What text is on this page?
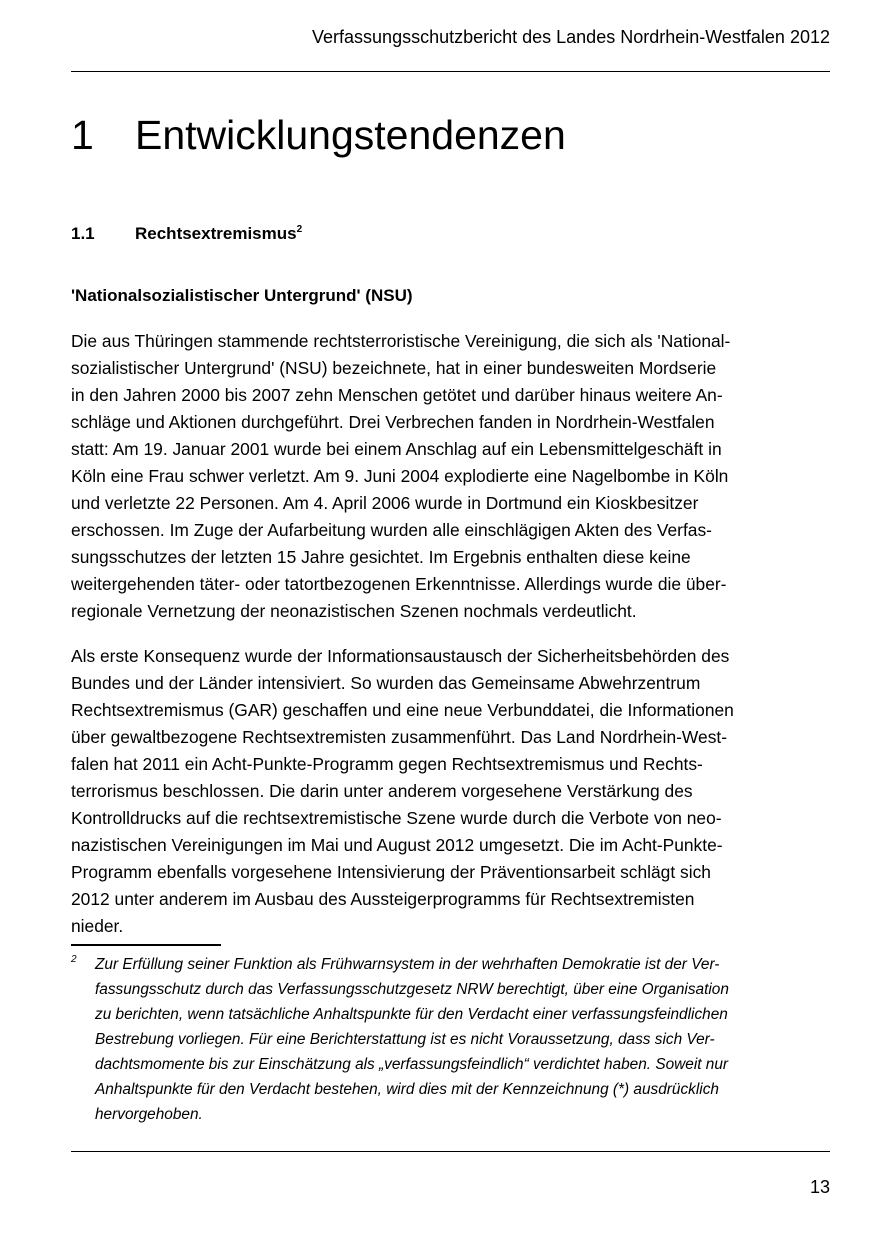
Verfassungsschutzbericht des Landes Nordrhein-Westfalen 2012
1 Entwicklungstendenzen
1.1 Rechtsextremismus$^2$
'Nationalsozialistischer Untergrund' (NSU)

Die aus Thüringen stammende rechtsterroristische Vereinigung, die sich als 'National-
sozialistischer Untergrund' (NSU) bezeichnete, hat in einer bundesweiten Mordserie
in den Jahren 2000 bis 2007 zehn Menschen getötet und darüber hinaus weitere An-
schläge und Aktionen durchgeführt. Drei Verbrechen fanden in Nordrhein-Westfalen
statt: Am 19. Januar 2001 wurde bei einem Anschlag auf ein Lebensmittelgeschäft in
Köln eine Frau schwer verletzt. Am 9. Juni 2004 explodierte eine Nagelbombe in Köln
und verletzte 22 Personen. Am 4. April 2006 wurde in Dortmund ein Kioskbesitzer
erschossen. Im Zuge der Aufarbeitung wurden alle einschlägigen Akten des Verfas-
sungsschutzes der letzten 15 Jahre gesichtet. Im Ergebnis enthalten diese keine
weitergehenden täter- oder tatortbezogenen Erkenntnisse. Allerdings wurde die über-
regionale Vernetzung der neonazistischen Szenen nochmals verdeutlicht.

Als erste Konsequenz wurde der Informationsaustausch der Sicherheitsbehörden des
Bundes und der Länder intensiviert. So wurden das Gemeinsame Abwehrzentrum
Rechtsextremismus (GAR) geschaffen und eine neue Verbunddatei, die Informationen
über gewaltbezogene Rechtsextremisten zusammenführt. Das Land Nordrhein-West-
falen hat 2011 ein Acht-Punkte-Programm gegen Rechtsextremismus und Rechts-
terrorismus beschlossen. Die darin unter anderem vorgesehene Verstärkung des
Kontrolldrucks auf die rechtsextremistische Szene wurde durch die Verbote von neo-
nazistischen Vereinigungen im Mai und August 2012 umgesetzt. Die im Acht-Punkte-
Programm ebenfalls vorgesehene Intensivierung der Präventionsarbeit schlägt sich
2012 unter anderem im Ausbau des Aussteigerprogramms für Rechtsextremisten
nieder.

2 Zur Erfüllung seiner Funktion als Frühwarnsystem in der wehrhaften Demokratie ist der Ver-
fassungsschutz durch das Verfassungsschutzgesetz NRW berechtigt, über eine Organisation
zu berichten, wenn tatsächliche Anhaltspunkte für den Verdacht einer verfassungsfeindlichen
Bestrebung vorliegen. Für eine Berichterstattung ist es nicht Voraussetzung, dass sich Ver-
dachtsmomente bis zur Einschätzung als „verfassungsfeindlich“ verdichtet haben. Soweit nur
Anhaltspunkte für den Verdacht bestehen, wird dies mit der Kennzeichnung (*) ausdrücklich
hervorgehoben.
13
